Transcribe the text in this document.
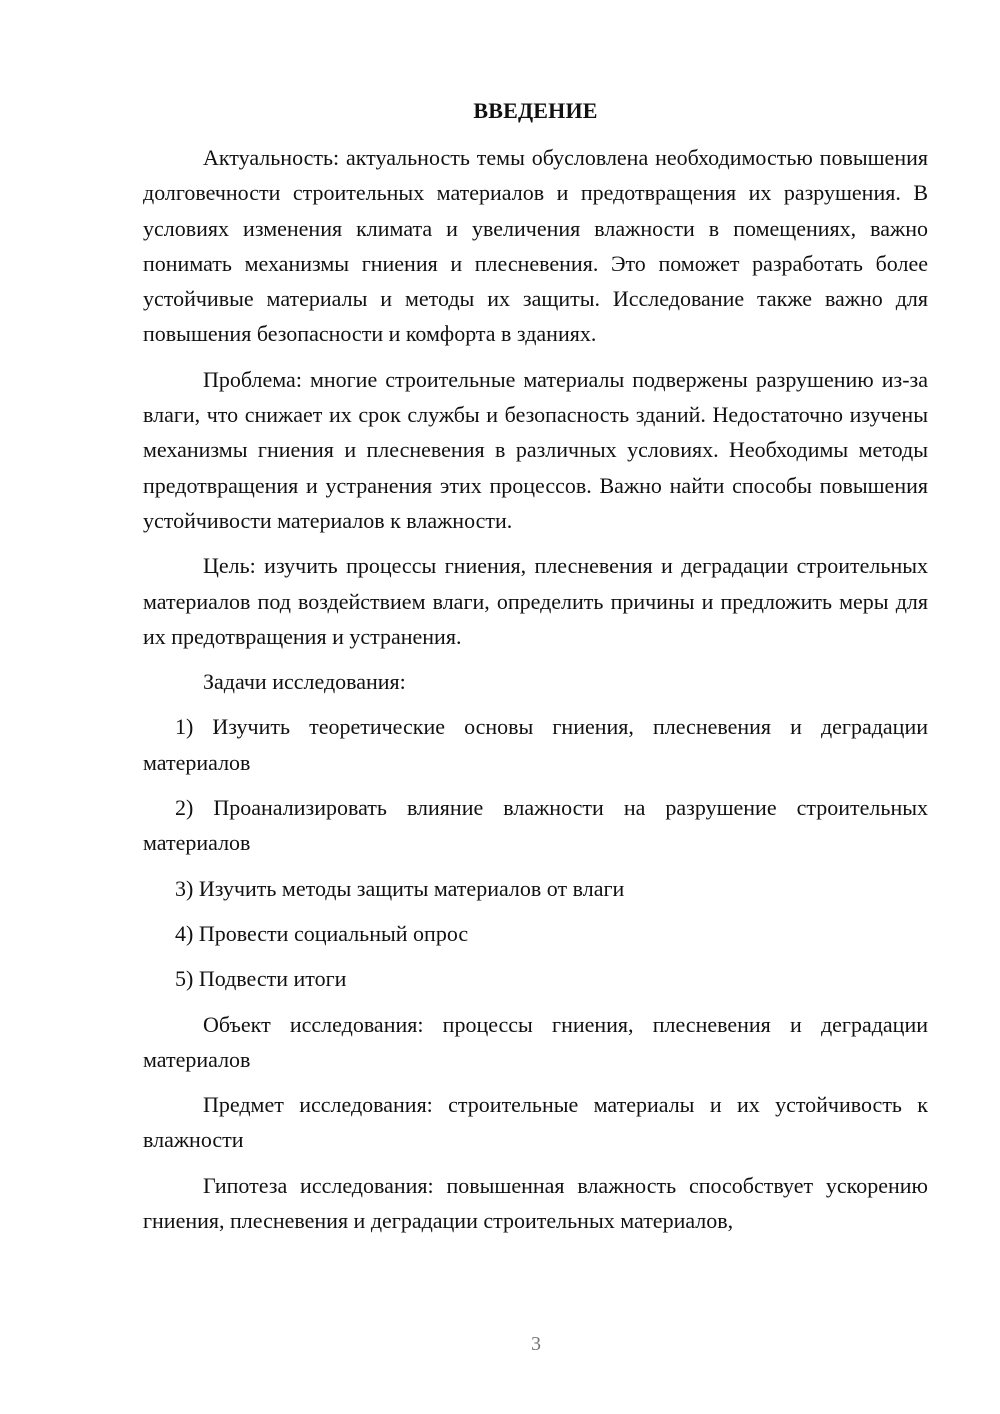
ВВЕДЕНИЕ

Актуальность: актуальность темы обусловлена необходимостью повышения долговечности строительных материалов и предотвращения их разрушения. В условиях изменения климата и увеличения влажности в помещениях, важно понимать механизмы гниения и плесневения. Это поможет разработать более устойчивые материалы и методы их защиты. Исследование также важно для повышения безопасности и комфорта в зданиях.

Проблема: многие строительные материалы подвержены разрушению из-за влаги, что снижает их срок службы и безопасность зданий. Недостаточно изучены механизмы гниения и плесневения в различных условиях. Необходимы методы предотвращения и устранения этих процессов. Важно найти способы повышения устойчивости материалов к влажности.

Цель: изучить процессы гниения, плесневения и деградации строительных материалов под воздействием влаги, определить причины и предложить меры для их предотвращения и устранения.

Задачи исследования:

1) Изучить теоретические основы гниения, плесневения и деградации материалов

2) Проанализировать влияние влажности на разрушение строительных материалов

3) Изучить методы защиты материалов от влаги

4) Провести социальный опрос

5) Подвести итоги

Объект исследования: процессы гниения, плесневения и деградации материалов

Предмет исследования: строительные материалы и их устойчивость к влажности

Гипотеза исследования: повышенная влажность способствует ускорению гниения, плесневения и деградации строительных материалов,

3
